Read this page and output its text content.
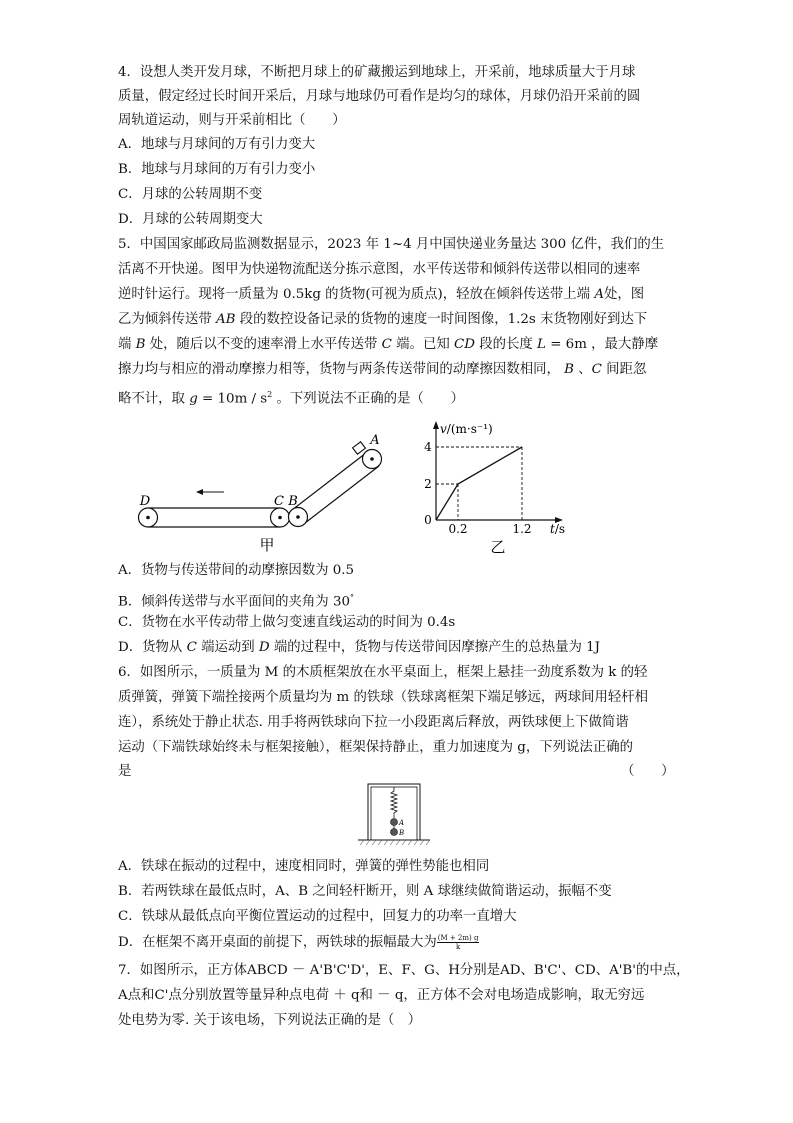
4．设想人类开发月球，不断把月球上的矿藏搬运到地球上，开采前，地球质量大于月球
质量，假定经过长时间开采后，月球与地球仍可看作是均匀的球体，月球仍沿开采前的圆
周轨道运动，则与开采前相比（　　）
A．地球与月球间的万有引力变大
B．地球与月球间的万有引力变小
C．月球的公转周期不变
D．月球的公转周期变大
5．中国国家邮政局监测数据显示，2023 年 1~4 月中国快递业务量达 300 亿件，我们的生
活离不开快递。图甲为快递物流配送分拣示意图，水平传送带和倾斜传送带以相同的速率
逆时针运行。现将一质量为 0.5kg 的货物(可视为质点)，轻放在倾斜传送带上端 A处，图
乙为倾斜传送带 AB 段的数控设备记录的货物的速度一时间图像，1.2s 末货物刚好到达下
端 B 处，随后以不变的速率滑上水平传送带 C 端。已知 CD 段的长度 L = 6m ，最大静摩
擦力均与相应的滑动摩擦力相等，货物与两条传送带间的动摩擦因数相同， B 、C 间距忽
略不计，取 $g = 10m / s^2$ 。下列说法不正确的是（　　）
D	C B
A
甲
v/(m·s⁻¹)
4
2
0
0.2	1.2 t/s
乙
A．货物与传送带间的动摩擦因数为 0.5
B．倾斜传送带与水平面间的夹角为 30°
C．货物在水平传动带上做匀变速直线运动的时间为 0.4s
D．货物从 C 端运动到 D 端的过程中，货物与传送带间因摩擦产生的总热量为 1J
6．如图所示，一质量为 M 的木质框架放在水平桌面上，框架上悬挂一劲度系数为 k 的轻
质弹簧，弹簧下端拴接两个质量均为 m 的铁球（铁球离框架下端足够远，两球间用轻杆相
连），系统处于静止状态. 用手将两铁球向下拉一小段距离后释放，两铁球便上下做简谐
运动（下端铁球始终未与框架接触），框架保持静止，重力加速度为 g，下列说法正确的
是	（　　）
A
B
A．铁球在振动的过程中，速度相同时，弹簧的弹性势能也相同
B．若两铁球在最低点时，A、B 之间轻杆断开，则 A 球继续做简谐运动，振幅不变
C．铁球从最低点向平衡位置运动的过程中，回复力的功率一直增大
D．在框架不离开桌面的前提下，两铁球的振幅最大为 $\frac{(M + 2m) g}{k}$
7．如图所示，正方体ABCD － A'B'C'D'，E、F、G、H分别是AD、B'C'、CD、A'B'的中点，
A点和C'点分别放置等量异种点电荷 ＋ q和 － q，正方体不会对电场造成影响，取无穷远
处电势为零. 关于该电场，下列说法正确的是（　）
